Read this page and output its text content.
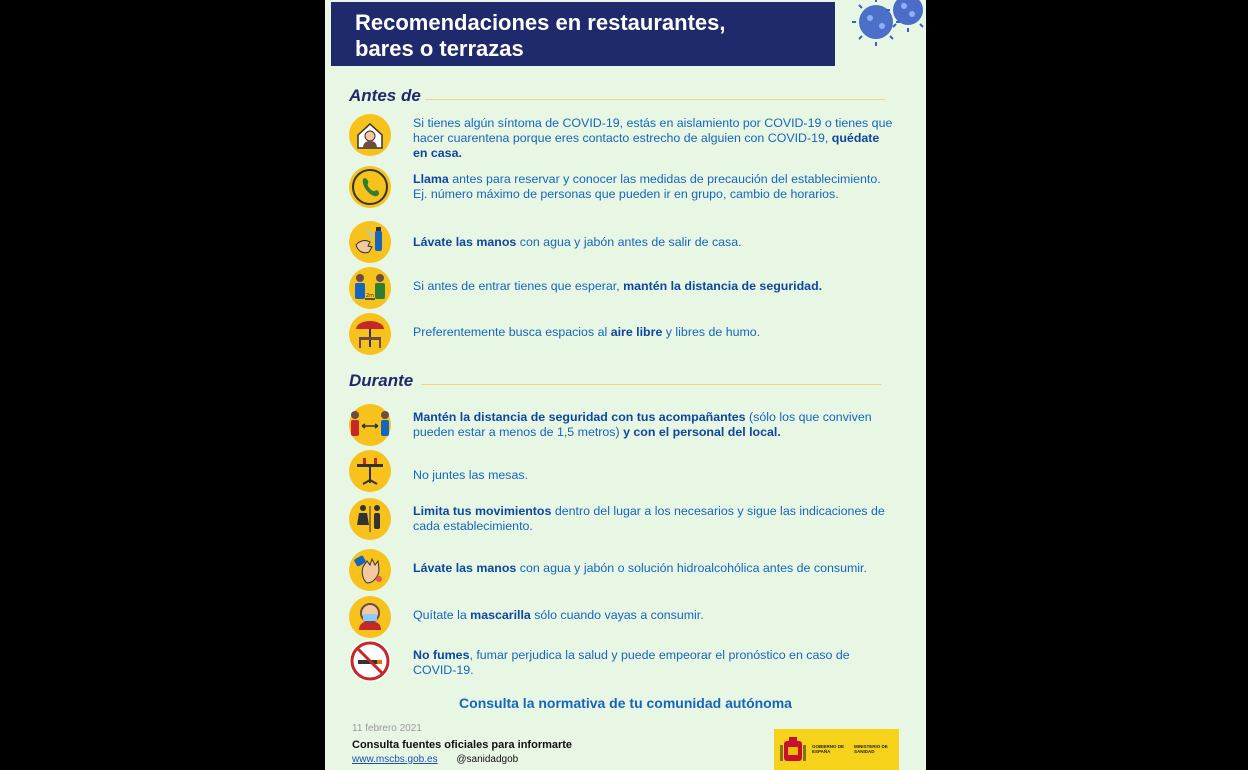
Recomendaciones en restaurantes,
bares o terrazas
Antes de
Si tienes algún síntoma de COVID-19, estás en aislamiento por COVID-19 o tienes que hacer cuarentena porque eres contacto estrecho de alguien con COVID-19, quédate en casa.
Llama antes para reservar y conocer las medidas de precaución del establecimiento. Ej. número máximo de personas que pueden ir en grupo, cambio de horarios.
Lávate las manos con agua y jabón antes de salir de casa.
2m
Si antes de entrar tienes que esperar, mantén la distancia de seguridad.
Preferentemente busca espacios al aire libre y libres de humo.
Durante
Mantén la distancia de seguridad con tus acompañantes (sólo los que conviven pueden estar a menos de 1,5 metros) y con el personal del local.
No juntes las mesas.
Limita tus movimientos dentro del lugar a los necesarios y sigue las indicaciones de cada establecimiento.
Lávate las manos con agua y jabón o solución hidroalcohólica antes de consumir.
Quítate la mascarilla sólo cuando vayas a consumir.
No fumes, fumar perjudica la salud y puede empeorar el pronóstico en caso de COVID-19.
Consulta la normativa de tu comunidad autónoma
11 febrero 2021
Consulta fuentes oficiales para informarte
www.mscbs.gob.es @sanidadgob
GOBIERNO DE ESPAÑA
MINISTERIO DE SANIDAD
